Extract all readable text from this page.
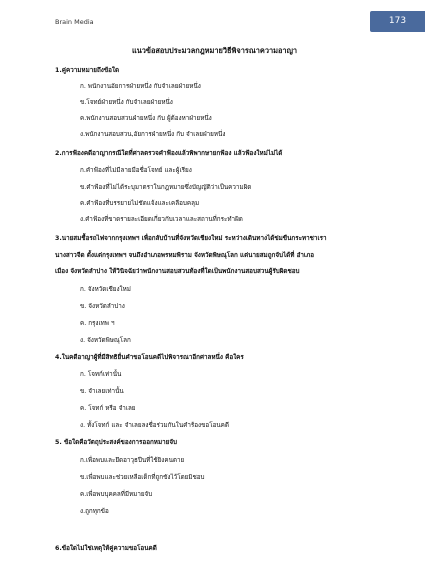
Brain Media	173
แนวข้อสอบประมวลกฎหมายวิธีพิจารณาความอาญา
1.คู่ความหมายถึงข้อใด
ก. พนักงานอัยการฝ่ายหนึ่ง กับจำเลยฝ่ายหนึ่ง
ข.โจทย์ฝ่ายหนึ่ง กับจำเลยฝ่ายหนึ่ง
ค.พนักงานสอบสวนฝ่ายหนึ่ง กับ ผู้ต้องหาฝ่ายหนึ่ง
ง.พนักงานสอบสวน,อัยการฝ่ายหนึ่ง กับ จำเลยฝ่ายหนึ่ง
2.การฟ้องคดีอาญากรณีใดที่ศาลตรวจคำฟ้องแล้วพิพากษายกฟ้อง แล้วฟ้องใหม่ไม่ได้
ก.คำฟ้องที่ไม่มีลายมือชื่อโจทย์ และผู้เรียง
ข.คำฟ้องที่ไม่ได้ระบุมาตราในกฎหมายซึ่งบัญญัติว่าเป็นความผิด
ค.คำฟ้องที่บรรยายไม่ชัดแจ้งและเคลือบคลุม
ง.คำฟ้องที่ขาดรายละเอียดเกี่ยวกับเวลาและสถานที่กระทำผิด
3.นายสมชื้อรถไฟจากกรุงเทพฯ เพื่อกลับบ้านที่จังหวัดเชียงใหม่ ระหว่างเดินทางได้ข่มขืนกระทาชาเรา
นางสาวจีด ตั้งแต่กรุงเทพฯ จนถึงอำเภอพรหมพิราม จังหวัดพิษณุโลก แต่นายสมถูกจับได้ที่ อำเภอ
เมือง จังหวัดลำปาง ให้วินิจฉัยว่าพนักงานสอบสวนท้องที่ใดเป็นพนักงานสอบสวนผู้รับผิดชอบ
ก. จังหวัดเชียงใหม่
ข. จังหวัดลำปาง
ค. กรุงเทพ ฯ
ง. จังหวัดพิษณุโลก
4.ในคดีอาญาผู้ที่มีสิทธิยื่นคำขอโอนคดีไปพิจารณาอีกศาลหนึ่ง คือใคร
ก. โจทก์เท่านั้น
ข. จำเลยเท่านั้น
ค. โจทก์ หรือ จำเลย
ง. ทั้งโจทก์ และ จำเลยลงชื่อร่วมกันในคำร้องขอโอนคดี
5. ข้อใดคือวัตถุประสงค์ของการออกหมายจับ
ก.เพื่อพบและยึดอาวุธปืนที่ใช้ยิงคนตาย
ข.เพื่อพบและช่วยเหลือเด็กที่ถูกขังไว้โดยมิชอบ
ค.เพื่อพบบุคคลที่มีหมายจับ
ง.ถูกทุกข้อ
6.ข้อใดไม่ใช่เหตุให้คู่ความขอโอนคดี
